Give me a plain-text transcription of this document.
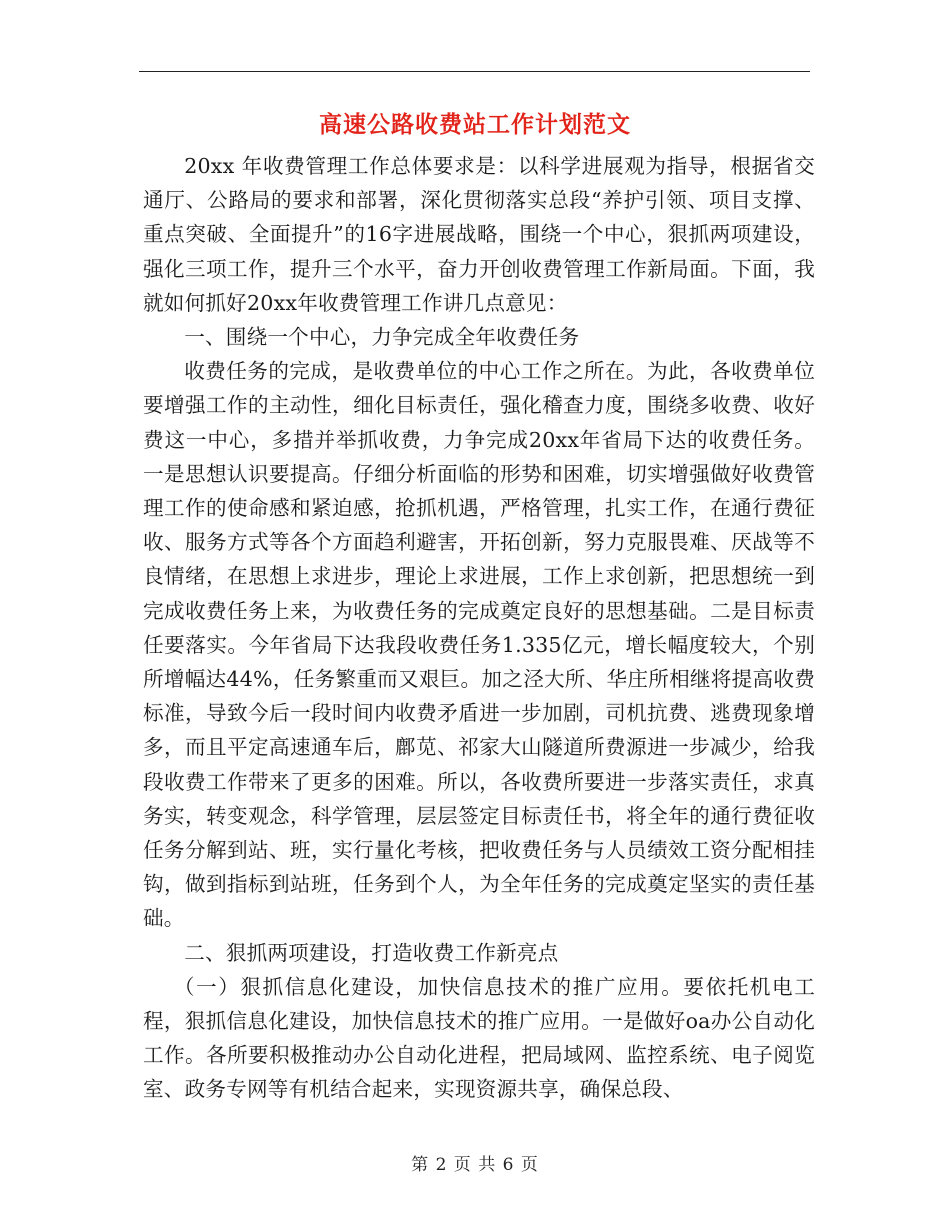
高速公路收费站工作计划范文

20xx 年收费管理工作总体要求是：以科学进展观为指导，根据省交通厅、公路局的要求和部署，深化贯彻落实总段“养护引领、项目支撑、重点突破、全面提升”的16字进展战略，围绕一个中心，狠抓两项建设，强化三项工作，提升三个水平，奋力开创收费管理工作新局面。下面，我就如何抓好20xx年收费管理工作讲几点意见：

一、围绕一个中心，力争完成全年收费任务

收费任务的完成，是收费单位的中心工作之所在。为此，各收费单位要增强工作的主动性，细化目标责任，强化稽查力度，围绕多收费、收好费这一中心，多措并举抓收费，力争完成20xx年省局下达的收费任务。一是思想认识要提高。仔细分析面临的形势和困难，切实增强做好收费管理工作的使命感和紧迫感，抢抓机遇，严格管理，扎实工作，在通行费征收、服务方式等各个方面趋利避害，开拓创新，努力克服畏难、厌战等不良情绪，在思想上求进步，理论上求进展，工作上求创新，把思想统一到完成收费任务上来，为收费任务的完成奠定良好的思想基础。二是目标责任要落实。今年省局下达我段收费任务1.335亿元，增长幅度较大，个别所增幅达44%，任务繁重而又艰巨。加之泾大所、华庄所相继将提高收费标准，导致今后一段时间内收费矛盾进一步加剧，司机抗费、逃费现象增多，而且平定高速通车后，鄜苋、祁家大山隧道所费源进一步减少，给我段收费工作带来了更多的困难。所以，各收费所要进一步落实责任，求真务实，转变观念，科学管理，层层签定目标责任书，将全年的通行费征收任务分解到站、班，实行量化考核，把收费任务与人员绩效工资分配相挂钩，做到指标到站班，任务到个人，为全年任务的完成奠定坚实的责任基础。

二、狠抓两项建设，打造收费工作新亮点

（一）狠抓信息化建设，加快信息技术的推广应用。要依托机电工程，狠抓信息化建设，加快信息技术的推广应用。一是做好oa办公自动化工作。各所要积极推动办公自动化进程，把局域网、监控系统、电子阅览室、政务专网等有机结合起来，实现资源共享，确保总段、

第 2 页 共 6 页
